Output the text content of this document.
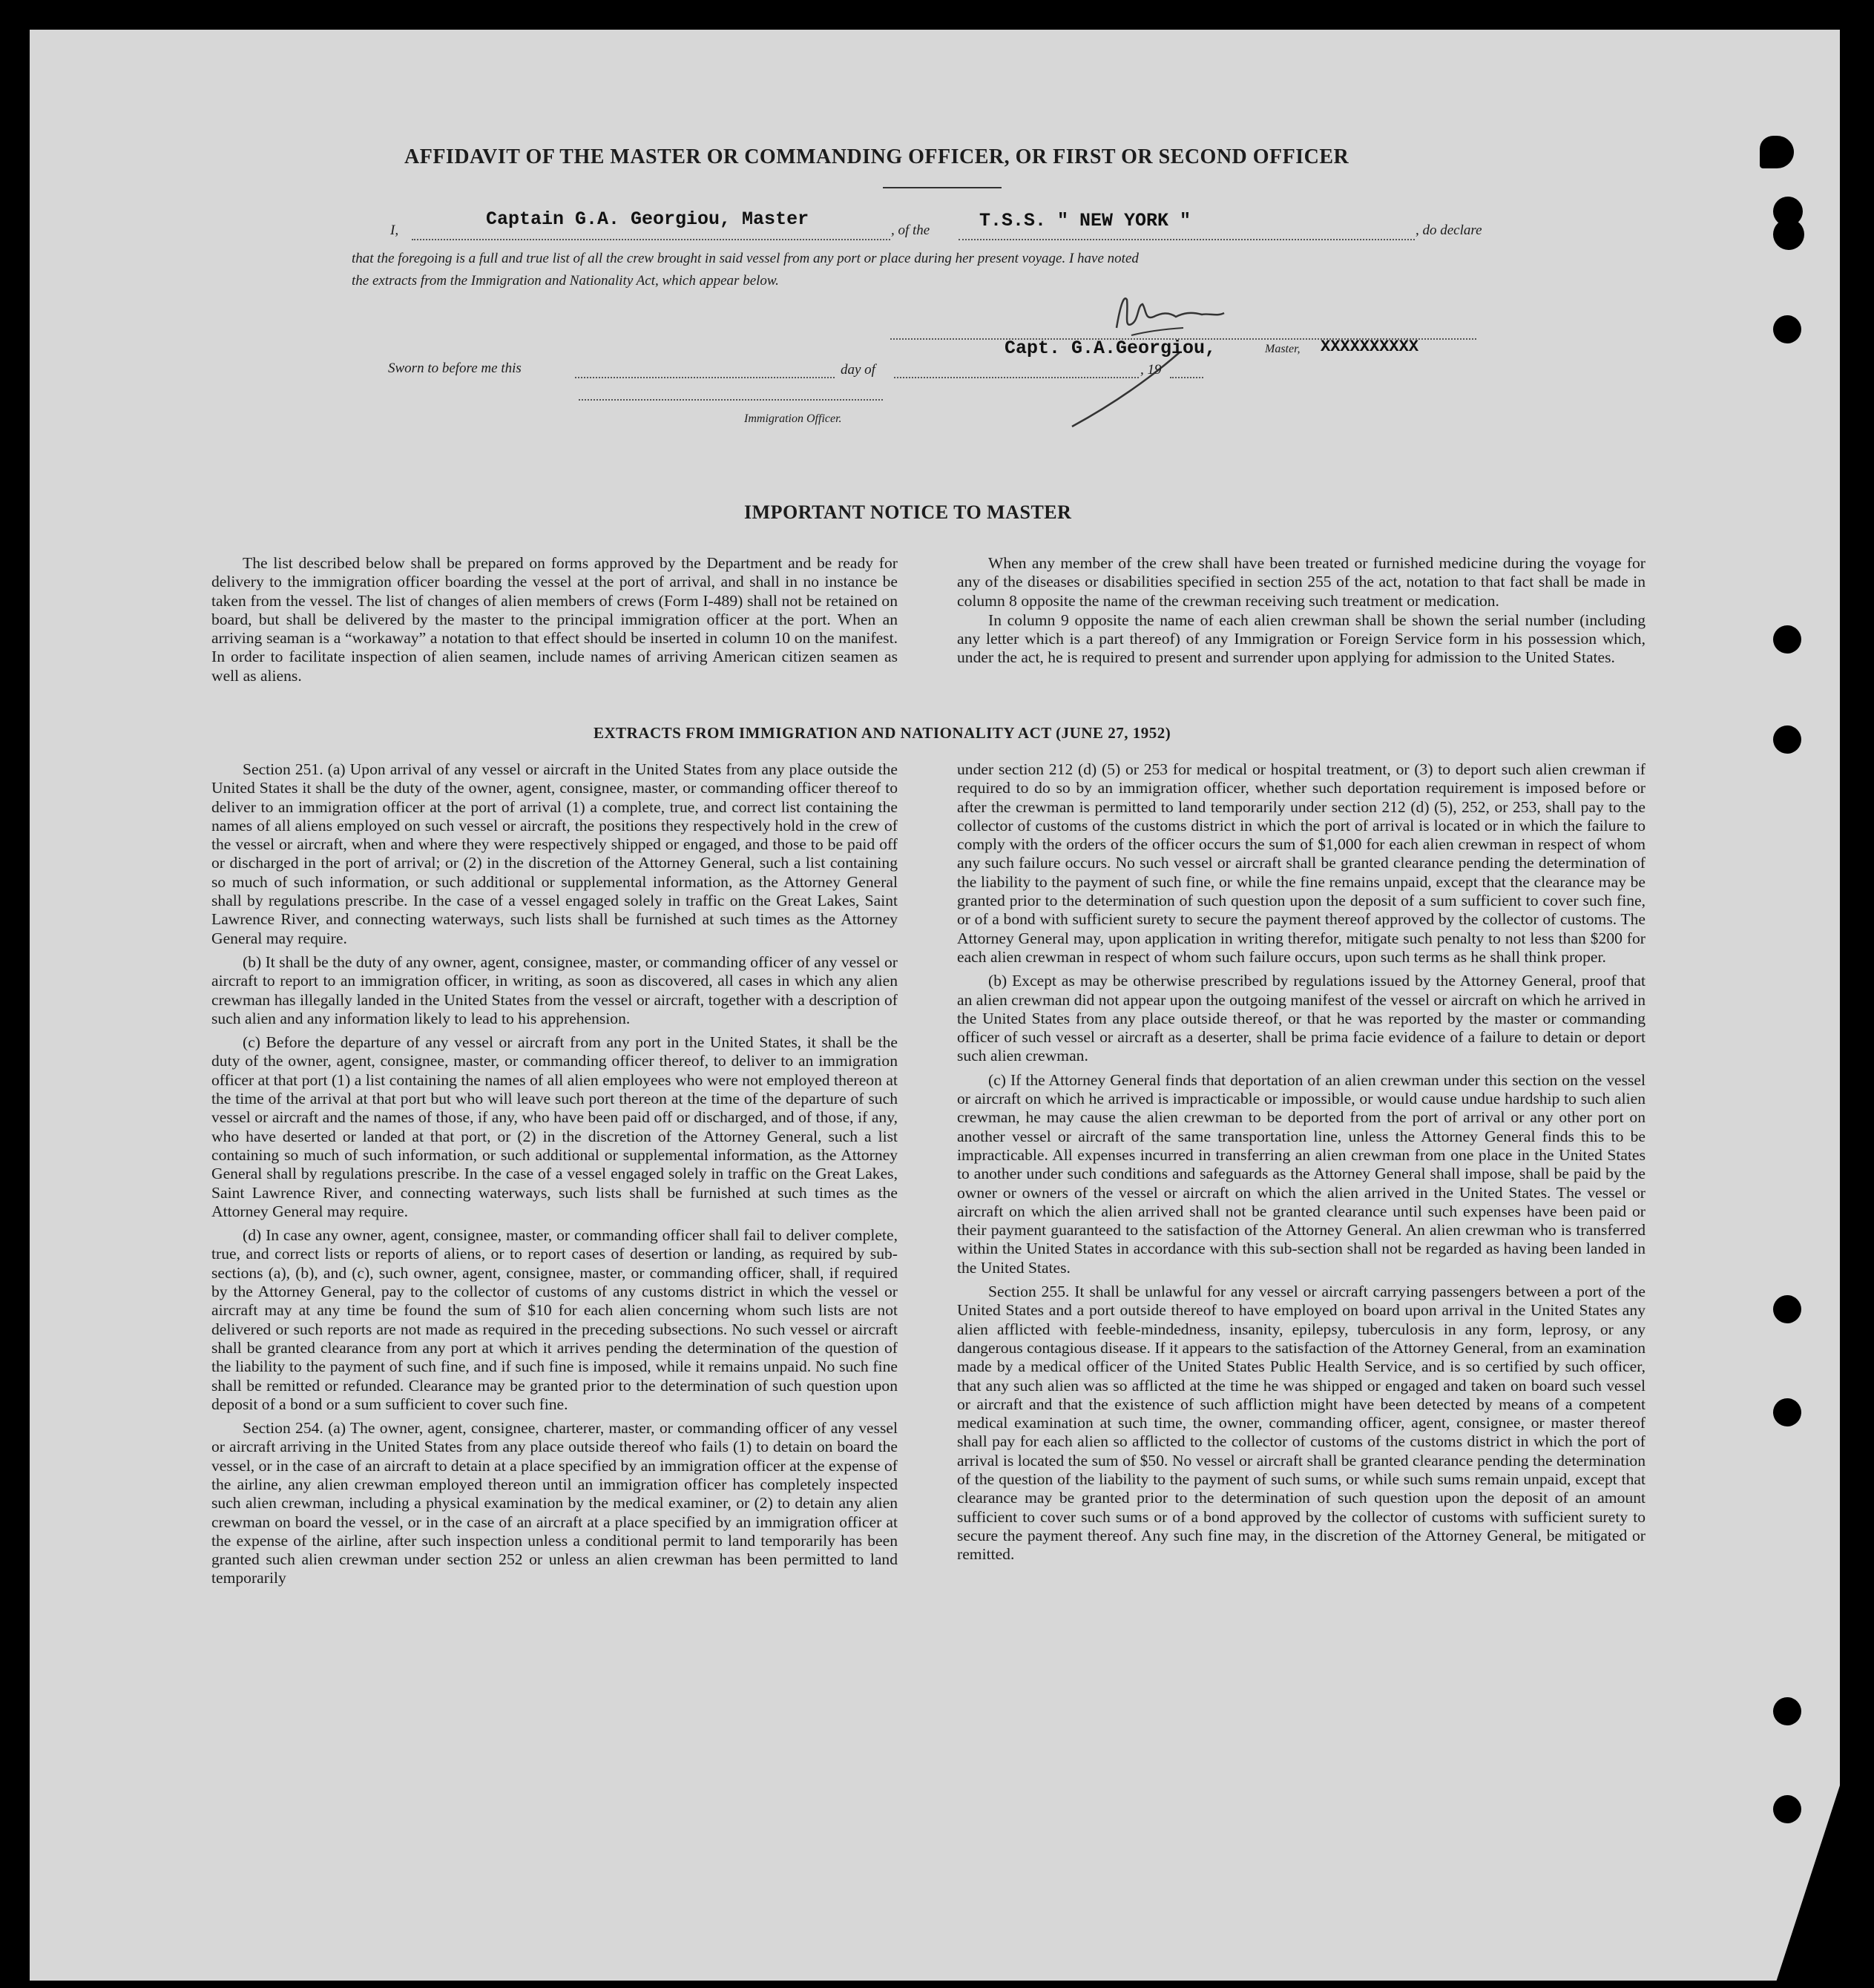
AFFIDAVIT OF THE MASTER OR COMMANDING OFFICER, OR FIRST OR SECOND OFFICER
I,
Captain G.A. Georgiou, Master
, of the	T.S.S. " NEW YORK "	, do declare
that the foregoing is a full and true list of all the crew brought in said vessel from any port or place during her present voyage. I have noted
the extracts from the Immigration and Nationality Act, which appear below.
Capt. G.A.Georgiou,	Master, XXXXXXXXXX
Sworn to before me this	day of	, 19
Immigration Officer.
IMPORTANT NOTICE TO MASTER

The list described below shall be prepared on forms approved by the Department and be ready for delivery to the immigration officer boarding the vessel at the port of arrival, and shall in no instance be taken from the vessel. The list of changes of alien members of crews (Form I-489) shall not be retained on board, but shall be delivered by the master to the principal immigration officer at the port. When an arriving seaman is a “workaway” a notation to that effect should be inserted in column 10 on the manifest. In order to facilitate inspection of alien seamen, include names of arriving American citizen seamen as well as aliens.

When any member of the crew shall have been treated or furnished medicine during the voyage for any of the diseases or disabilities specified in section 255 of the act, notation to that fact shall be made in column 8 opposite the name of the crewman receiving such treatment or medication.

In column 9 opposite the name of each alien crewman shall be shown the serial number (including any letter which is a part thereof) of any Immigration or Foreign Service form in his possession which, under the act, he is required to present and surrender upon applying for admission to the United States.

EXTRACTS FROM IMMIGRATION AND NATIONALITY ACT (JUNE 27, 1952)

Section 251. (a) Upon arrival of any vessel or aircraft in the United States from any place outside the United States it shall be the duty of the owner, agent, consignee, master, or commanding officer thereof to deliver to an immigration officer at the port of arrival (1) a complete, true, and correct list containing the names of all aliens employed on such vessel or aircraft, the positions they respectively hold in the crew of the vessel or aircraft, when and where they were respectively shipped or engaged, and those to be paid off or discharged in the port of arrival; or (2) in the discretion of the Attorney General, such a list containing so much of such information, or such additional or supplemental information, as the Attorney General shall by regulations prescribe. In the case of a vessel engaged solely in traffic on the Great Lakes, Saint Lawrence River, and connecting waterways, such lists shall be furnished at such times as the Attorney General may require.

(b) It shall be the duty of any owner, agent, consignee, master, or commanding officer of any vessel or aircraft to report to an immigration officer, in writing, as soon as discovered, all cases in which any alien crewman has illegally landed in the United States from the vessel or aircraft, together with a description of such alien and any information likely to lead to his apprehension.

(c) Before the departure of any vessel or aircraft from any port in the United States, it shall be the duty of the owner, agent, consignee, master, or commanding officer thereof, to deliver to an immigration officer at that port (1) a list containing the names of all alien employees who were not employed thereon at the time of the arrival at that port but who will leave such port thereon at the time of the departure of such vessel or aircraft and the names of those, if any, who have been paid off or discharged, and of those, if any, who have deserted or landed at that port, or (2) in the discretion of the Attorney General, such a list containing so much of such information, or such additional or supplemental information, as the Attorney General shall by regulations prescribe. In the case of a vessel engaged solely in traffic on the Great Lakes, Saint Lawrence River, and connecting waterways, such lists shall be furnished at such times as the Attorney General may require.

(d) In case any owner, agent, consignee, master, or commanding officer shall fail to deliver complete, true, and correct lists or reports of aliens, or to report cases of desertion or landing, as required by sub-sections (a), (b), and (c), such owner, agent, consignee, master, or commanding officer, shall, if required by the Attorney General, pay to the collector of customs of any customs district in which the vessel or aircraft may at any time be found the sum of $10 for each alien concerning whom such lists are not delivered or such reports are not made as required in the preceding subsections. No such vessel or aircraft shall be granted clearance from any port at which it arrives pending the determination of the question of the liability to the payment of such fine, and if such fine is imposed, while it remains unpaid. No such fine shall be remitted or refunded. Clearance may be granted prior to the determination of such question upon deposit of a bond or a sum sufficient to cover such fine.

Section 254. (a) The owner, agent, consignee, charterer, master, or commanding officer of any vessel or aircraft arriving in the United States from any place outside thereof who fails (1) to detain on board the vessel, or in the case of an aircraft to detain at a place specified by an immigration officer at the expense of the airline, any alien crewman employed thereon until an immigration officer has completely inspected such alien crewman, including a physical examination by the medical examiner, or (2) to detain any alien crewman on board the vessel, or in the case of an aircraft at a place specified by an immigration officer at the expense of the airline, after such inspection unless a conditional permit to land temporarily has been granted such alien crewman under section 252 or unless an alien crewman has been permitted to land temporarily

under section 212 (d) (5) or 253 for medical or hospital treatment, or (3) to deport such alien crewman if required to do so by an immigration officer, whether such deportation requirement is imposed before or after the crewman is permitted to land temporarily under section 212 (d) (5), 252, or 253, shall pay to the collector of customs of the customs district in which the port of arrival is located or in which the failure to comply with the orders of the officer occurs the sum of $1,000 for each alien crewman in respect of whom any such failure occurs. No such vessel or aircraft shall be granted clearance pending the determination of the liability to the payment of such fine, or while the fine remains unpaid, except that the clearance may be granted prior to the determination of such question upon the deposit of a sum sufficient to cover such fine, or of a bond with sufficient surety to secure the payment thereof approved by the collector of customs. The Attorney General may, upon application in writing therefor, mitigate such penalty to not less than $200 for each alien crewman in respect of whom such failure occurs, upon such terms as he shall think proper.

(b) Except as may be otherwise prescribed by regulations issued by the Attorney General, proof that an alien crewman did not appear upon the outgoing manifest of the vessel or aircraft on which he arrived in the United States from any place outside thereof, or that he was reported by the master or commanding officer of such vessel or aircraft as a deserter, shall be prima facie evidence of a failure to detain or deport such alien crewman.

(c) If the Attorney General finds that deportation of an alien crewman under this section on the vessel or aircraft on which he arrived is impracticable or impossible, or would cause undue hardship to such alien crewman, he may cause the alien crewman to be deported from the port of arrival or any other port on another vessel or aircraft of the same transportation line, unless the Attorney General finds this to be impracticable. All expenses incurred in transferring an alien crewman from one place in the United States to another under such conditions and safeguards as the Attorney General shall impose, shall be paid by the owner or owners of the vessel or aircraft on which the alien arrived in the United States. The vessel or aircraft on which the alien arrived shall not be granted clearance until such expenses have been paid or their payment guaranteed to the satisfaction of the Attorney General. An alien crewman who is transferred within the United States in accordance with this sub-section shall not be regarded as having been landed in the United States.

Section 255. It shall be unlawful for any vessel or aircraft carrying passengers between a port of the United States and a port outside thereof to have employed on board upon arrival in the United States any alien afflicted with feeble-mindedness, insanity, epilepsy, tuberculosis in any form, leprosy, or any dangerous contagious disease. If it appears to the satisfaction of the Attorney General, from an examination made by a medical officer of the United States Public Health Service, and is so certified by such officer, that any such alien was so afflicted at the time he was shipped or engaged and taken on board such vessel or aircraft and that the existence of such affliction might have been detected by means of a competent medical examination at such time, the owner, commanding officer, agent, consignee, or master thereof shall pay for each alien so afflicted to the collector of customs of the customs district in which the port of arrival is located the sum of $50. No vessel or aircraft shall be granted clearance pending the determination of the question of the liability to the payment of such sums, or while such sums remain unpaid, except that clearance may be granted prior to the determination of such question upon the deposit of an amount sufficient to cover such sums or of a bond approved by the collector of customs with sufficient surety to secure the payment thereof. Any such fine may, in the discretion of the Attorney General, be mitigated or remitted.
